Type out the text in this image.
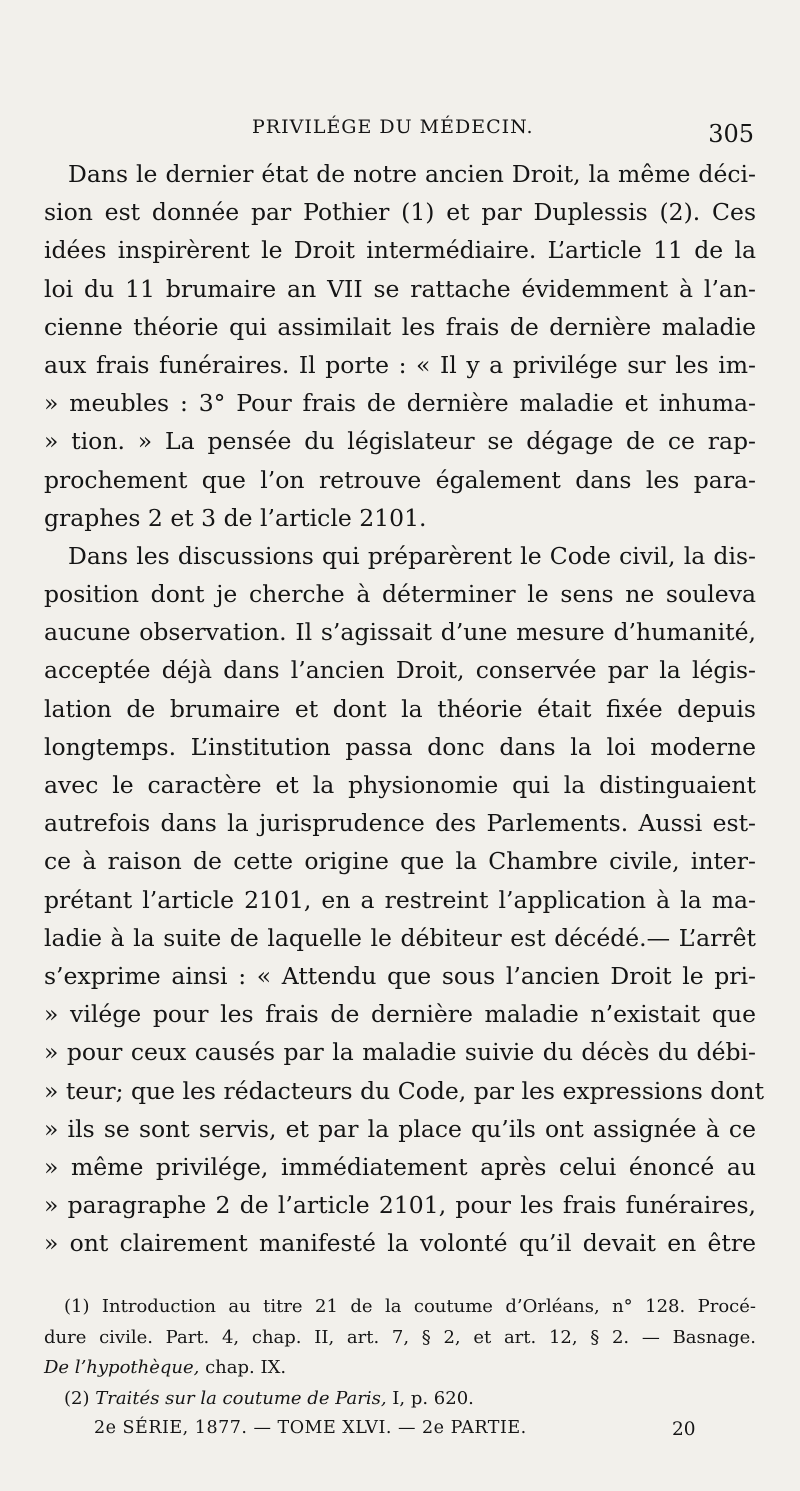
PRIVILÉGE DU MÉDECIN.	305
Dans le dernier état de notre ancien Droit, la même déci-
sion est donnée par Pothier (1) et par Duplessis (2). Ces
idées inspirèrent le Droit intermédiaire. L’article 11 de la
loi du 11 brumaire an VII se rattache évidemment à l’an-
cienne théorie qui assimilait les frais de dernière maladie
aux frais funéraires. Il porte : « Il y a privilége sur les im-
» meubles : 3° Pour frais de dernière maladie et inhuma-
» tion. » La pensée du législateur se dégage de ce rap-
prochement que l’on retrouve également dans les para-
graphes 2 et 3 de l’article 2101.
Dans les discussions qui préparèrent le Code civil, la dis-
position dont je cherche à déterminer le sens ne souleva
aucune observation. Il s’agissait d’une mesure d’humanité,
acceptée déjà dans l’ancien Droit, conservée par la légis-
lation de brumaire et dont la théorie était fixée depuis
longtemps. L’institution passa donc dans la loi moderne
avec le caractère et la physionomie qui la distinguaient
autrefois dans la jurisprudence des Parlements. Aussi est-
ce à raison de cette origine que la Chambre civile, inter-
prétant l’article 2101, en a restreint l’application à la ma-
ladie à la suite de laquelle le débiteur est décédé.— L’arrêt
s’exprime ainsi : « Attendu que sous l’ancien Droit le pri-
» vilége pour les frais de dernière maladie n’existait que
» pour ceux causés par la maladie suivie du décès du débi-
» teur; que les rédacteurs du Code, par les expressions dont
» ils se sont servis, et par la place qu’ils ont assignée à ce
» même privilége, immédiatement après celui énoncé au
» paragraphe 2 de l’article 2101, pour les frais funéraires,
» ont clairement manifesté la volonté qu’il devait en être
(1) Introduction au titre 21 de la coutume d’Orléans, n° 128. Procé-
dure civile. Part. 4, chap. II, art. 7, § 2, et art. 12, § 2. — Basnage.
De l’hypothèque, chap. IX.
(2) Traités sur la coutume de Paris, I, p. 620.
2e SÉRIE, 1877. — TOME XLVI. — 2e PARTIE.	20
